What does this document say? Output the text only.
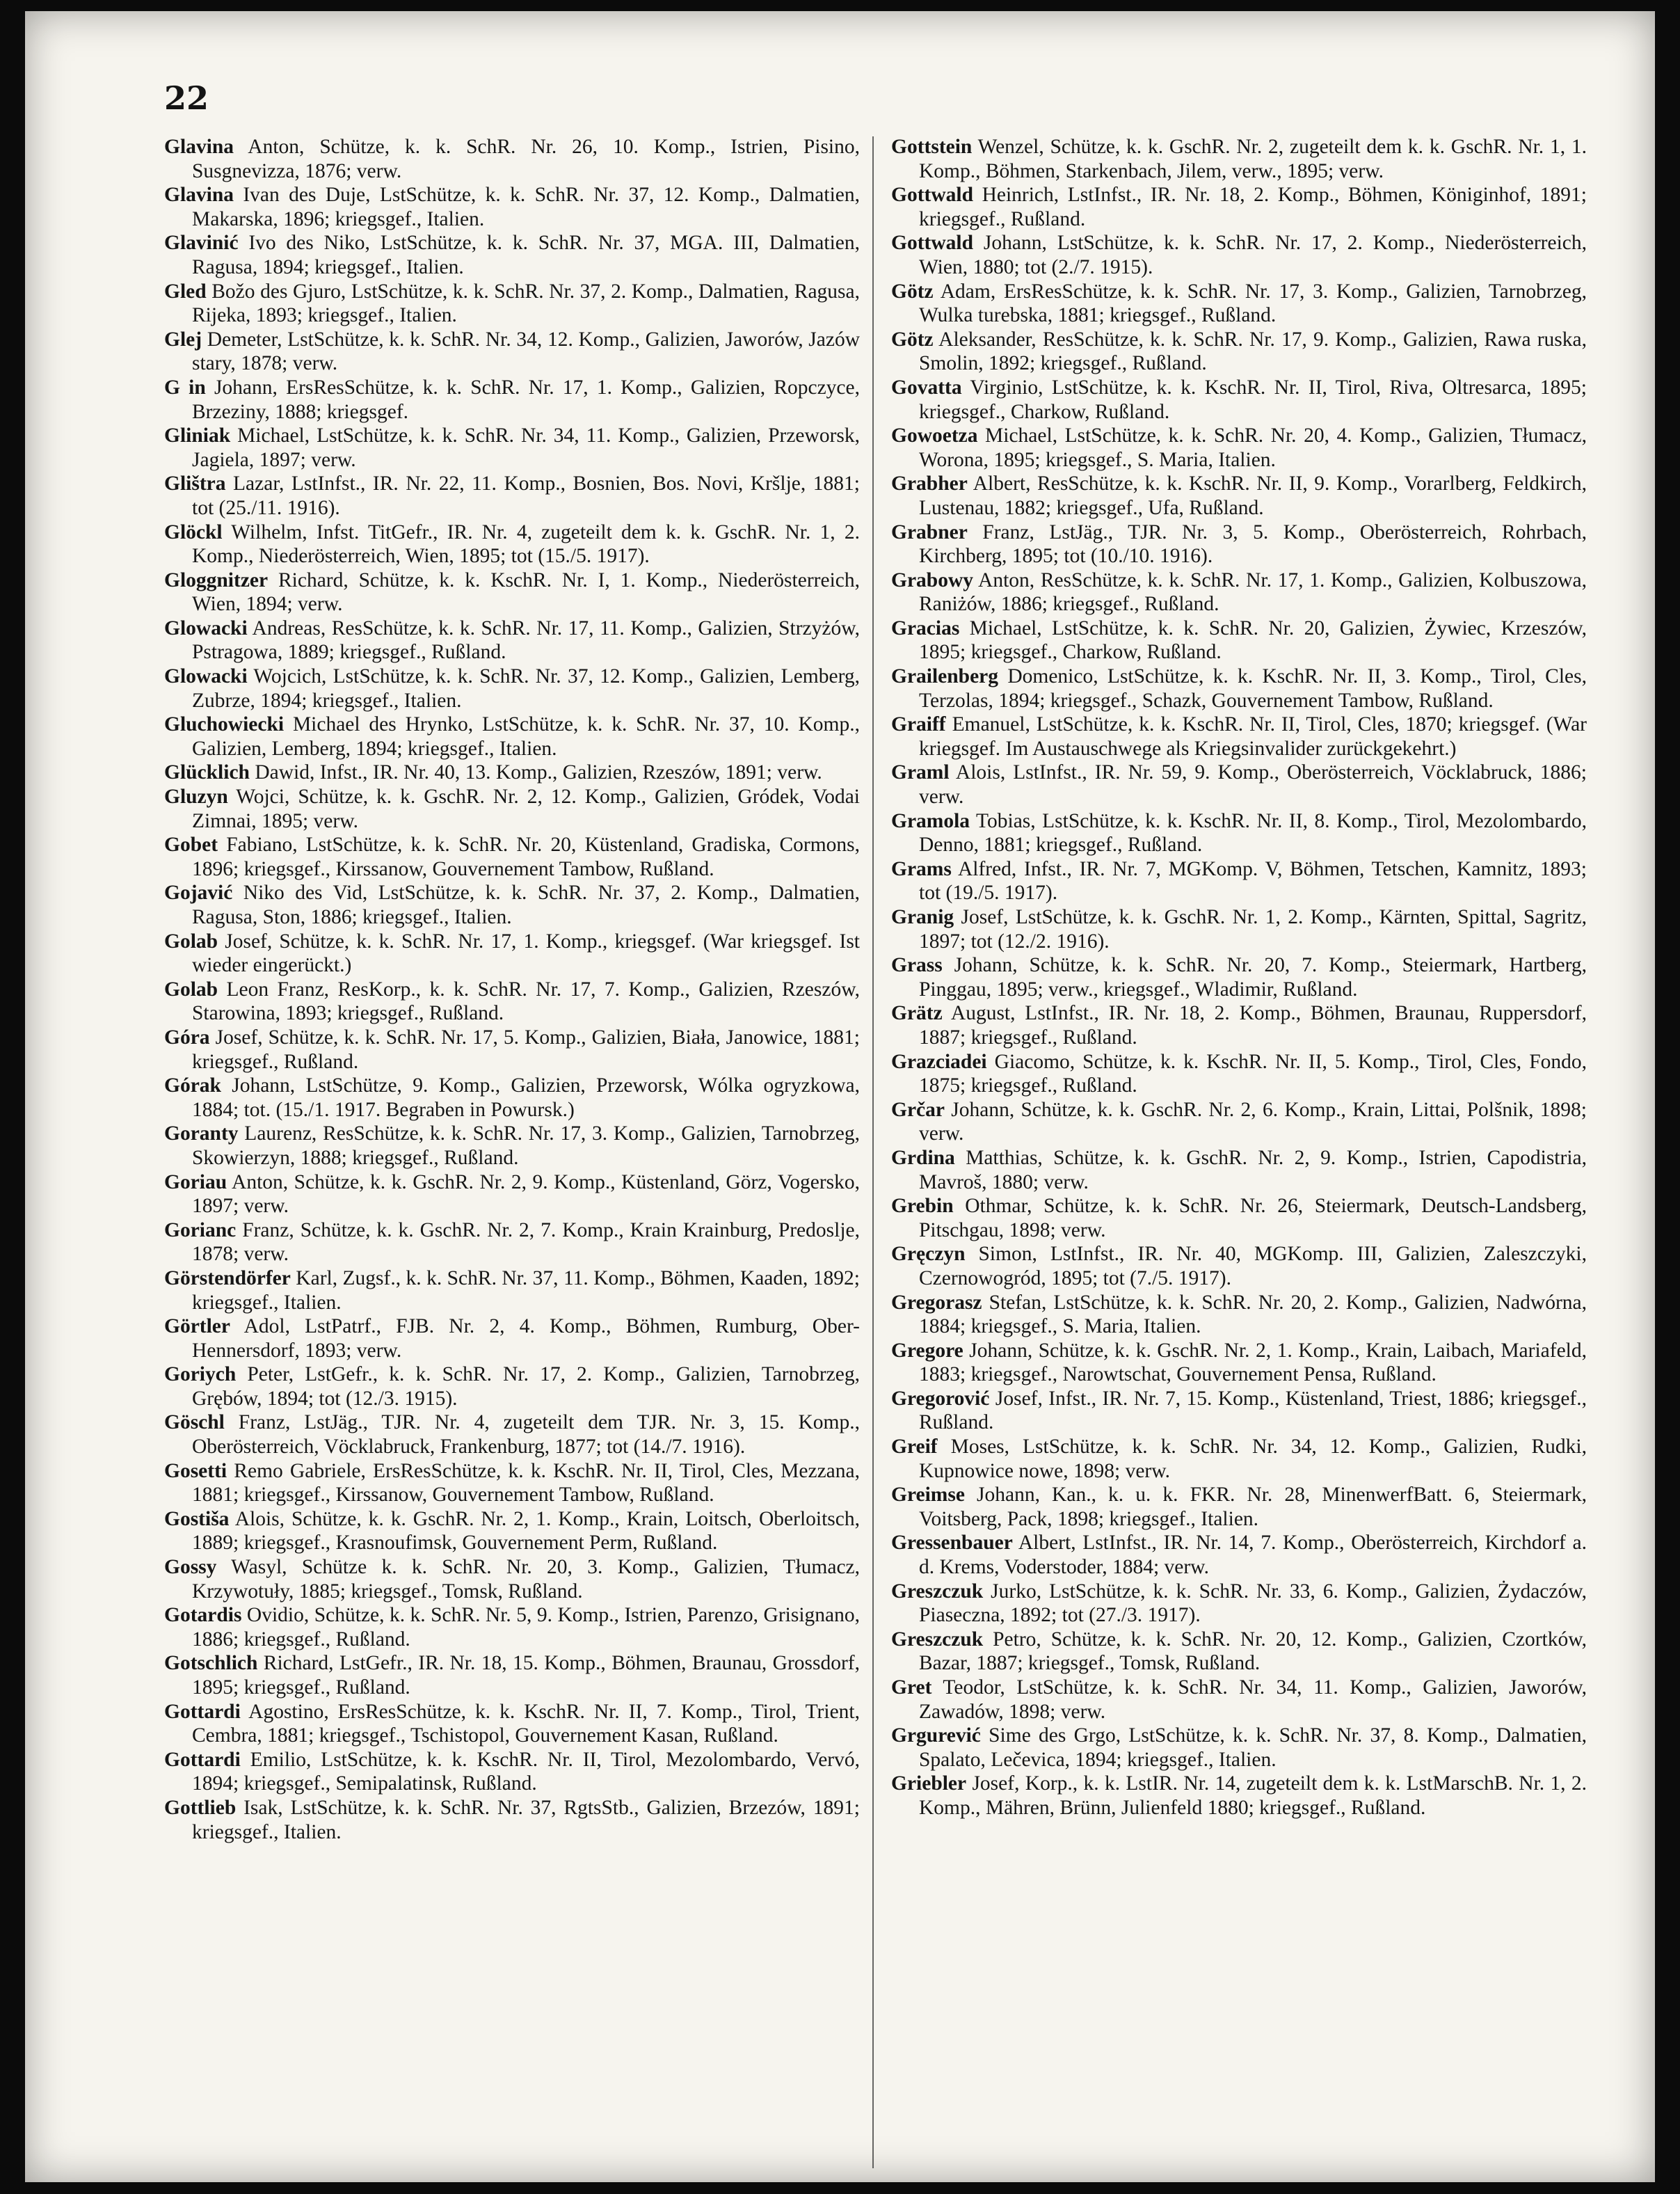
22

Glavina Anton, Schütze, k. k. SchR. Nr. 26, 10. Komp., Istrien, Pisino, Susgnevizza, 1876; verw.

Glavina Ivan des Duje, LstSchütze, k. k. SchR. Nr. 37, 12. Komp., Dalmatien, Makarska, 1896; kriegsgef., Italien.

Glavinić Ivo des Niko, LstSchütze, k. k. SchR. Nr. 37, MGA. III, Dalmatien, Ragusa, 1894; kriegsgef., Italien.

Gled Božo des Gjuro, LstSchütze, k. k. SchR. Nr. 37, 2. Komp., Dalmatien, Ragusa, Rijeka, 1893; kriegsgef., Italien.

Glej Demeter, LstSchütze, k. k. SchR. Nr. 34, 12. Komp., Galizien, Jaworów, Jazów stary, 1878; verw.

G in Johann, ErsResSchütze, k. k. SchR. Nr. 17, 1. Komp., Galizien, Ropczyce, Brzeziny, 1888; kriegsgef.

Gliniak Michael, LstSchütze, k. k. SchR. Nr. 34, 11. Komp., Galizien, Przeworsk, Jagiela, 1897; verw.

Glištra Lazar, LstInfst., IR. Nr. 22, 11. Komp., Bosnien, Bos. Novi, Kršlje, 1881; tot (25./11. 1916).

Glöckl Wilhelm, Infst. TitGefr., IR. Nr. 4, zugeteilt dem k. k. GschR. Nr. 1, 2. Komp., Niederösterreich, Wien, 1895; tot (15./5. 1917).

Gloggnitzer Richard, Schütze, k. k. KschR. Nr. I, 1. Komp., Niederösterreich, Wien, 1894; verw.

Glowacki Andreas, ResSchütze, k. k. SchR. Nr. 17, 11. Komp., Galizien, Strzyżów, Pstragowa, 1889; kriegsgef., Rußland.

Glowacki Wojcich, LstSchütze, k. k. SchR. Nr. 37, 12. Komp., Galizien, Lemberg, Zubrze, 1894; kriegsgef., Italien.

Gluchowiecki Michael des Hrynko, LstSchütze, k. k. SchR. Nr. 37, 10. Komp., Galizien, Lemberg, 1894; kriegsgef., Italien.

Glücklich Dawid, Infst., IR. Nr. 40, 13. Komp., Galizien, Rzeszów, 1891; verw.

Gluzyn Wojci, Schütze, k. k. GschR. Nr. 2, 12. Komp., Galizien, Gródek, Vodai Zimnai, 1895; verw.

Gobet Fabiano, LstSchütze, k. k. SchR. Nr. 20, Küstenland, Gradiska, Cormons, 1896; kriegsgef., Kirssanow, Gouvernement Tambow, Rußland.

Gojavić Niko des Vid, LstSchütze, k. k. SchR. Nr. 37, 2. Komp., Dalmatien, Ragusa, Ston, 1886; kriegsgef., Italien.

Golab Josef, Schütze, k. k. SchR. Nr. 17, 1. Komp., kriegsgef. (War kriegsgef. Ist wieder eingerückt.)

Golab Leon Franz, ResKorp., k. k. SchR. Nr. 17, 7. Komp., Galizien, Rzeszów, Starowina, 1893; kriegsgef., Rußland.

Góra Josef, Schütze, k. k. SchR. Nr. 17, 5. Komp., Galizien, Biała, Janowice, 1881; kriegsgef., Rußland.

Górak Johann, LstSchütze, 9. Komp., Galizien, Przeworsk, Wólka ogryzkowa, 1884; tot. (15./1. 1917. Begraben in Powursk.)

Goranty Laurenz, ResSchütze, k. k. SchR. Nr. 17, 3. Komp., Galizien, Tarnobrzeg, Skowierzyn, 1888; kriegsgef., Rußland.

Goriau Anton, Schütze, k. k. GschR. Nr. 2, 9. Komp., Küstenland, Görz, Vogersko, 1897; verw.

Gorianc Franz, Schütze, k. k. GschR. Nr. 2, 7. Komp., Krain Krainburg, Predoslje, 1878; verw.

Görstendörfer Karl, Zugsf., k. k. SchR. Nr. 37, 11. Komp., Böhmen, Kaaden, 1892; kriegsgef., Italien.

Görtler Adol, LstPatrf., FJB. Nr. 2, 4. Komp., Böhmen, Rumburg, Ober-Hennersdorf, 1893; verw.

Goriych Peter, LstGefr., k. k. SchR. Nr. 17, 2. Komp., Galizien, Tarnobrzeg, Grębów, 1894; tot (12./3. 1915).

Göschl Franz, LstJäg., TJR. Nr. 4, zugeteilt dem TJR. Nr. 3, 15. Komp., Oberösterreich, Vöcklabruck, Frankenburg, 1877; tot (14./7. 1916).

Gosetti Remo Gabriele, ErsResSchütze, k. k. KschR. Nr. II, Tirol, Cles, Mezzana, 1881; kriegsgef., Kirssanow, Gouvernement Tambow, Rußland.

Gostiša Alois, Schütze, k. k. GschR. Nr. 2, 1. Komp., Krain, Loitsch, Oberloitsch, 1889; kriegsgef., Krasnoufimsk, Gouvernement Perm, Rußland.

Gossy Wasyl, Schütze k. k. SchR. Nr. 20, 3. Komp., Galizien, Tłumacz, Krzywotuły, 1885; kriegsgef., Tomsk, Rußland.

Gotardis Ovidio, Schütze, k. k. SchR. Nr. 5, 9. Komp., Istrien, Parenzo, Grisignano, 1886; kriegsgef., Rußland.

Gotschlich Richard, LstGefr., IR. Nr. 18, 15. Komp., Böhmen, Braunau, Grossdorf, 1895; kriegsgef., Rußland.

Gottardi Agostino, ErsResSchütze, k. k. KschR. Nr. II, 7. Komp., Tirol, Trient, Cembra, 1881; kriegsgef., Tschistopol, Gouvernement Kasan, Rußland.

Gottardi Emilio, LstSchütze, k. k. KschR. Nr. II, Tirol, Mezolombardo, Vervó, 1894; kriegsgef., Semipalatinsk, Rußland.

Gottlieb Isak, LstSchütze, k. k. SchR. Nr. 37, RgtsStb., Galizien, Brzezów, 1891; kriegsgef., Italien.

Gottstein Wenzel, Schütze, k. k. GschR. Nr. 2, zugeteilt dem k. k. GschR. Nr. 1, 1. Komp., Böhmen, Starkenbach, Jilem, verw., 1895; verw.

Gottwald Heinrich, LstInfst., IR. Nr. 18, 2. Komp., Böhmen, Königinhof, 1891; kriegsgef., Rußland.

Gottwald Johann, LstSchütze, k. k. SchR. Nr. 17, 2. Komp., Niederösterreich, Wien, 1880; tot (2./7. 1915).

Götz Adam, ErsResSchütze, k. k. SchR. Nr. 17, 3. Komp., Galizien, Tarnobrzeg, Wulka turebska, 1881; kriegsgef., Rußland.

Götz Aleksander, ResSchütze, k. k. SchR. Nr. 17, 9. Komp., Galizien, Rawa ruska, Smolin, 1892; kriegsgef., Rußland.

Govatta Virginio, LstSchütze, k. k. KschR. Nr. II, Tirol, Riva, Oltresarca, 1895; kriegsgef., Charkow, Rußland.

Gowoetza Michael, LstSchütze, k. k. SchR. Nr. 20, 4. Komp., Galizien, Tłumacz, Worona, 1895; kriegsgef., S. Maria, Italien.

Grabher Albert, ResSchütze, k. k. KschR. Nr. II, 9. Komp., Vorarlberg, Feldkirch, Lustenau, 1882; kriegsgef., Ufa, Rußland.

Grabner Franz, LstJäg., TJR. Nr. 3, 5. Komp., Oberösterreich, Rohrbach, Kirchberg, 1895; tot (10./10. 1916).

Grabowy Anton, ResSchütze, k. k. SchR. Nr. 17, 1. Komp., Galizien, Kolbuszowa, Raniżów, 1886; kriegsgef., Rußland.

Gracias Michael, LstSchütze, k. k. SchR. Nr. 20, Galizien, Żywiec, Krzeszów, 1895; kriegsgef., Charkow, Rußland.

Grailenberg Domenico, LstSchütze, k. k. KschR. Nr. II, 3. Komp., Tirol, Cles, Terzolas, 1894; kriegsgef., Schazk, Gouvernement Tambow, Rußland.

Graiff Emanuel, LstSchütze, k. k. KschR. Nr. II, Tirol, Cles, 1870; kriegsgef. (War kriegsgef. Im Austauschwege als Kriegsinvalider zurückgekehrt.)

Graml Alois, LstInfst., IR. Nr. 59, 9. Komp., Oberösterreich, Vöcklabruck, 1886; verw.

Gramola Tobias, LstSchütze, k. k. KschR. Nr. II, 8. Komp., Tirol, Mezolombardo, Denno, 1881; kriegsgef., Rußland.

Grams Alfred, Infst., IR. Nr. 7, MGKomp. V, Böhmen, Tetschen, Kamnitz, 1893; tot (19./5. 1917).

Granig Josef, LstSchütze, k. k. GschR. Nr. 1, 2. Komp., Kärnten, Spittal, Sagritz, 1897; tot (12./2. 1916).

Grass Johann, Schütze, k. k. SchR. Nr. 20, 7. Komp., Steiermark, Hartberg, Pinggau, 1895; verw., kriegsgef., Wladimir, Rußland.

Grätz August, LstInfst., IR. Nr. 18, 2. Komp., Böhmen, Braunau, Ruppersdorf, 1887; kriegsgef., Rußland.

Grazciadei Giacomo, Schütze, k. k. KschR. Nr. II, 5. Komp., Tirol, Cles, Fondo, 1875; kriegsgef., Rußland.

Grčar Johann, Schütze, k. k. GschR. Nr. 2, 6. Komp., Krain, Littai, Polšnik, 1898; verw.

Grdina Matthias, Schütze, k. k. GschR. Nr. 2, 9. Komp., Istrien, Capodistria, Mavroš, 1880; verw.

Grebin Othmar, Schütze, k. k. SchR. Nr. 26, Steiermark, Deutsch-Landsberg, Pitschgau, 1898; verw.

Gręczyn Simon, LstInfst., IR. Nr. 40, MGKomp. III, Galizien, Zaleszczyki, Czernowogród, 1895; tot (7./5. 1917).

Gregorasz Stefan, LstSchütze, k. k. SchR. Nr. 20, 2. Komp., Galizien, Nadwórna, 1884; kriegsgef., S. Maria, Italien.

Gregore Johann, Schütze, k. k. GschR. Nr. 2, 1. Komp., Krain, Laibach, Mariafeld, 1883; kriegsgef., Narowtschat, Gouvernement Pensa, Rußland.

Gregorović Josef, Infst., IR. Nr. 7, 15. Komp., Küstenland, Triest, 1886; kriegsgef., Rußland.

Greif Moses, LstSchütze, k. k. SchR. Nr. 34, 12. Komp., Galizien, Rudki, Kupnowice nowe, 1898; verw.

Greimse Johann, Kan., k. u. k. FKR. Nr. 28, MinenwerfBatt. 6, Steiermark, Voitsberg, Pack, 1898; kriegsgef., Italien.

Gressenbauer Albert, LstInfst., IR. Nr. 14, 7. Komp., Oberösterreich, Kirchdorf a. d. Krems, Voderstoder, 1884; verw.

Greszczuk Jurko, LstSchütze, k. k. SchR. Nr. 33, 6. Komp., Galizien, Żydaczów, Piaseczna, 1892; tot (27./3. 1917).

Greszczuk Petro, Schütze, k. k. SchR. Nr. 20, 12. Komp., Galizien, Czortków, Bazar, 1887; kriegsgef., Tomsk, Rußland.

Gret Teodor, LstSchütze, k. k. SchR. Nr. 34, 11. Komp., Galizien, Jaworów, Zawadów, 1898; verw.

Grgurević Sime des Grgo, LstSchütze, k. k. SchR. Nr. 37, 8. Komp., Dalmatien, Spalato, Lečevica, 1894; kriegsgef., Italien.

Griebler Josef, Korp., k. k. LstIR. Nr. 14, zugeteilt dem k. k. LstMarschB. Nr. 1, 2. Komp., Mähren, Brünn, Julienfeld 1880; kriegsgef., Rußland.
